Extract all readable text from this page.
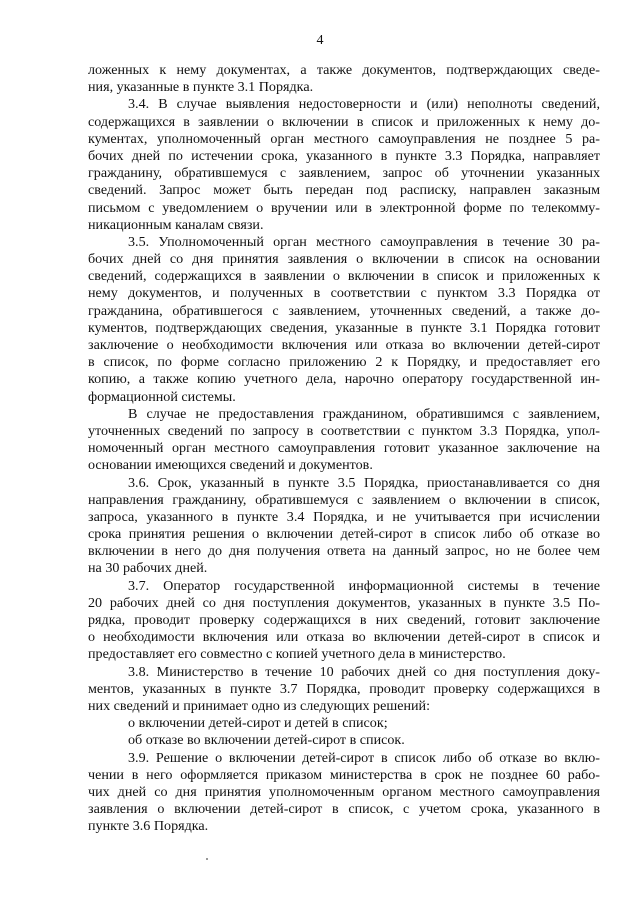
4
ложенных к нему документах, а также документов, подтверждающих сведе-
ния, указанные в пункте 3.1 Порядка.
3.4. В случае выявления недостоверности и (или) неполноты сведений,
содержащихся в заявлении о включении в список и приложенных к нему до-
кументах, уполномоченный орган местного самоуправления не позднее 5 ра-
бочих дней по истечении срока, указанного в пункте 3.3 Порядка, направляет
гражданину, обратившемуся с заявлением, запрос об уточнении указанных
сведений. Запрос может быть передан под расписку, направлен заказным
письмом с уведомлением о вручении или в электронной форме по телекомму-
никационным каналам связи.
3.5. Уполномоченный орган местного самоуправления в течение 30 ра-
бочих дней со дня принятия заявления о включении в список на основании
сведений, содержащихся в заявлении о включении в список и приложенных к
нему документов, и полученных в соответствии с пунктом 3.3 Порядка от
гражданина, обратившегося с заявлением, уточненных сведений, а также до-
кументов, подтверждающих сведения, указанные в пункте 3.1 Порядка готовит
заключение о необходимости включения или отказа во включении детей-сирот
в список, по форме согласно приложению 2 к Порядку, и предоставляет его
копию, а также копию учетного дела, нарочно оператору государственной ин-
формационной системы.
В случае не предоставления гражданином, обратившимся с заявлением,
уточненных сведений по запросу в соответствии с пунктом 3.3 Порядка, упол-
номоченный орган местного самоуправления готовит указанное заключение на
основании имеющихся сведений и документов.
3.6. Срок, указанный в пункте 3.5 Порядка, приостанавливается со дня
направления гражданину, обратившемуся с заявлением о включении в список,
запроса, указанного в пункте 3.4 Порядка, и не учитывается при исчислении
срока принятия решения о включении детей-сирот в список либо об отказе во
включении в него до дня получения ответа на данный запрос, но не более чем
на 30 рабочих дней.
3.7. Оператор государственной информационной системы в течение
20 рабочих дней со дня поступления документов, указанных в пункте 3.5 По-
рядка, проводит проверку содержащихся в них сведений, готовит заключение
о необходимости включения или отказа во включении детей-сирот в список и
предоставляет его совместно с копией учетного дела в министерство.
3.8. Министерство в течение 10 рабочих дней со дня поступления доку-
ментов, указанных в пункте 3.7 Порядка, проводит проверку содержащихся в
них сведений и принимает одно из следующих решений:
о включении детей-сирот и детей в список;
об отказе во включении детей-сирот в список.
3.9. Решение о включении детей-сирот в список либо об отказе во вклю-
чении в него оформляется приказом министерства в срок не позднее 60 рабо-
чих дней со дня принятия уполномоченным органом местного самоуправления
заявления о включении детей-сирот в список, с учетом срока, указанного в
пункте 3.6 Порядка.
